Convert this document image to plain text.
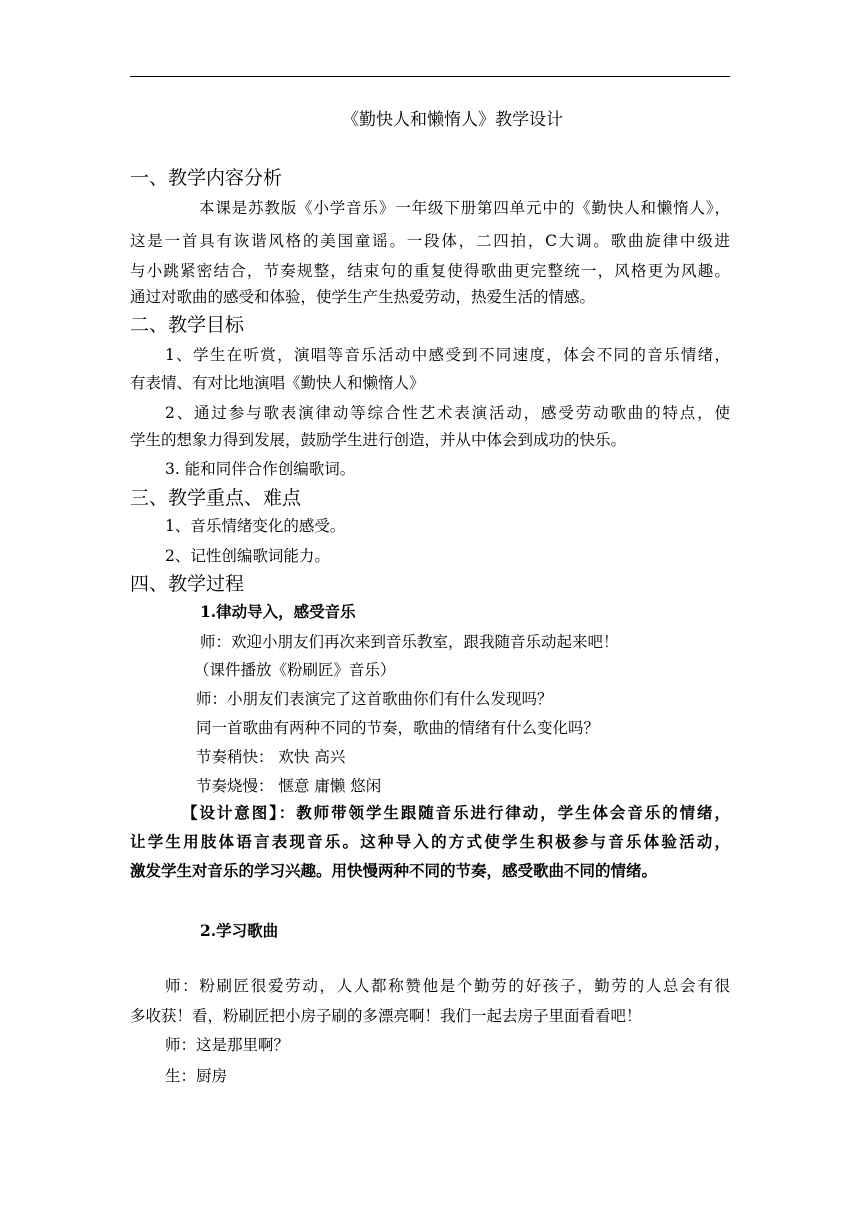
《勤快人和懒惰人》教学设计
一、教学内容分析
本课是苏教版《小学音乐》一年级下册第四单元中的《勤快人和懒惰人》，
这是一首具有诙谐风格的美国童谣。一段体，二四拍，C大调。歌曲旋律中级进
与小跳紧密结合，节奏规整，结束句的重复使得歌曲更完整统一，风格更为风趣。
通过对歌曲的感受和体验，使学生产生热爱劳动，热爱生活的情感。
二、教学目标
1、学生在听赏，演唱等音乐活动中感受到不同速度，体会不同的音乐情绪，
有表情、有对比地演唱《勤快人和懒惰人》
2、通过参与歌表演律动等综合性艺术表演活动，感受劳动歌曲的特点，使
学生的想象力得到发展，鼓励学生进行创造，并从中体会到成功的快乐。
3. 能和同伴合作创编歌词。
三、教学重点、难点
1、音乐情绪变化的感受。
2、记性创编歌词能力。
四、教学过程
1.律动导入，感受音乐
师：欢迎小朋友们再次来到音乐教室，跟我随音乐动起来吧！
（课件播放《粉刷匠》音乐）
师：小朋友们表演完了这首歌曲你们有什么发现吗？
同一首歌曲有两种不同的节奏，歌曲的情绪有什么变化吗？
节奏稍快： 欢快 高兴
节奏烧慢： 惬意 庸懒 悠闲
【设计意图】：教师带领学生跟随音乐进行律动，学生体会音乐的情绪，
让学生用肢体语言表现音乐。这种导入的方式使学生积极参与音乐体验活动，
激发学生对音乐的学习兴趣。用快慢两种不同的节奏，感受歌曲不同的情绪。
2.学习歌曲
师：粉刷匠很爱劳动，人人都称赞他是个勤劳的好孩子，勤劳的人总会有很
多收获！看，粉刷匠把小房子刷的多漂亮啊！我们一起去房子里面看看吧！
师：这是那里啊？
生：厨房
